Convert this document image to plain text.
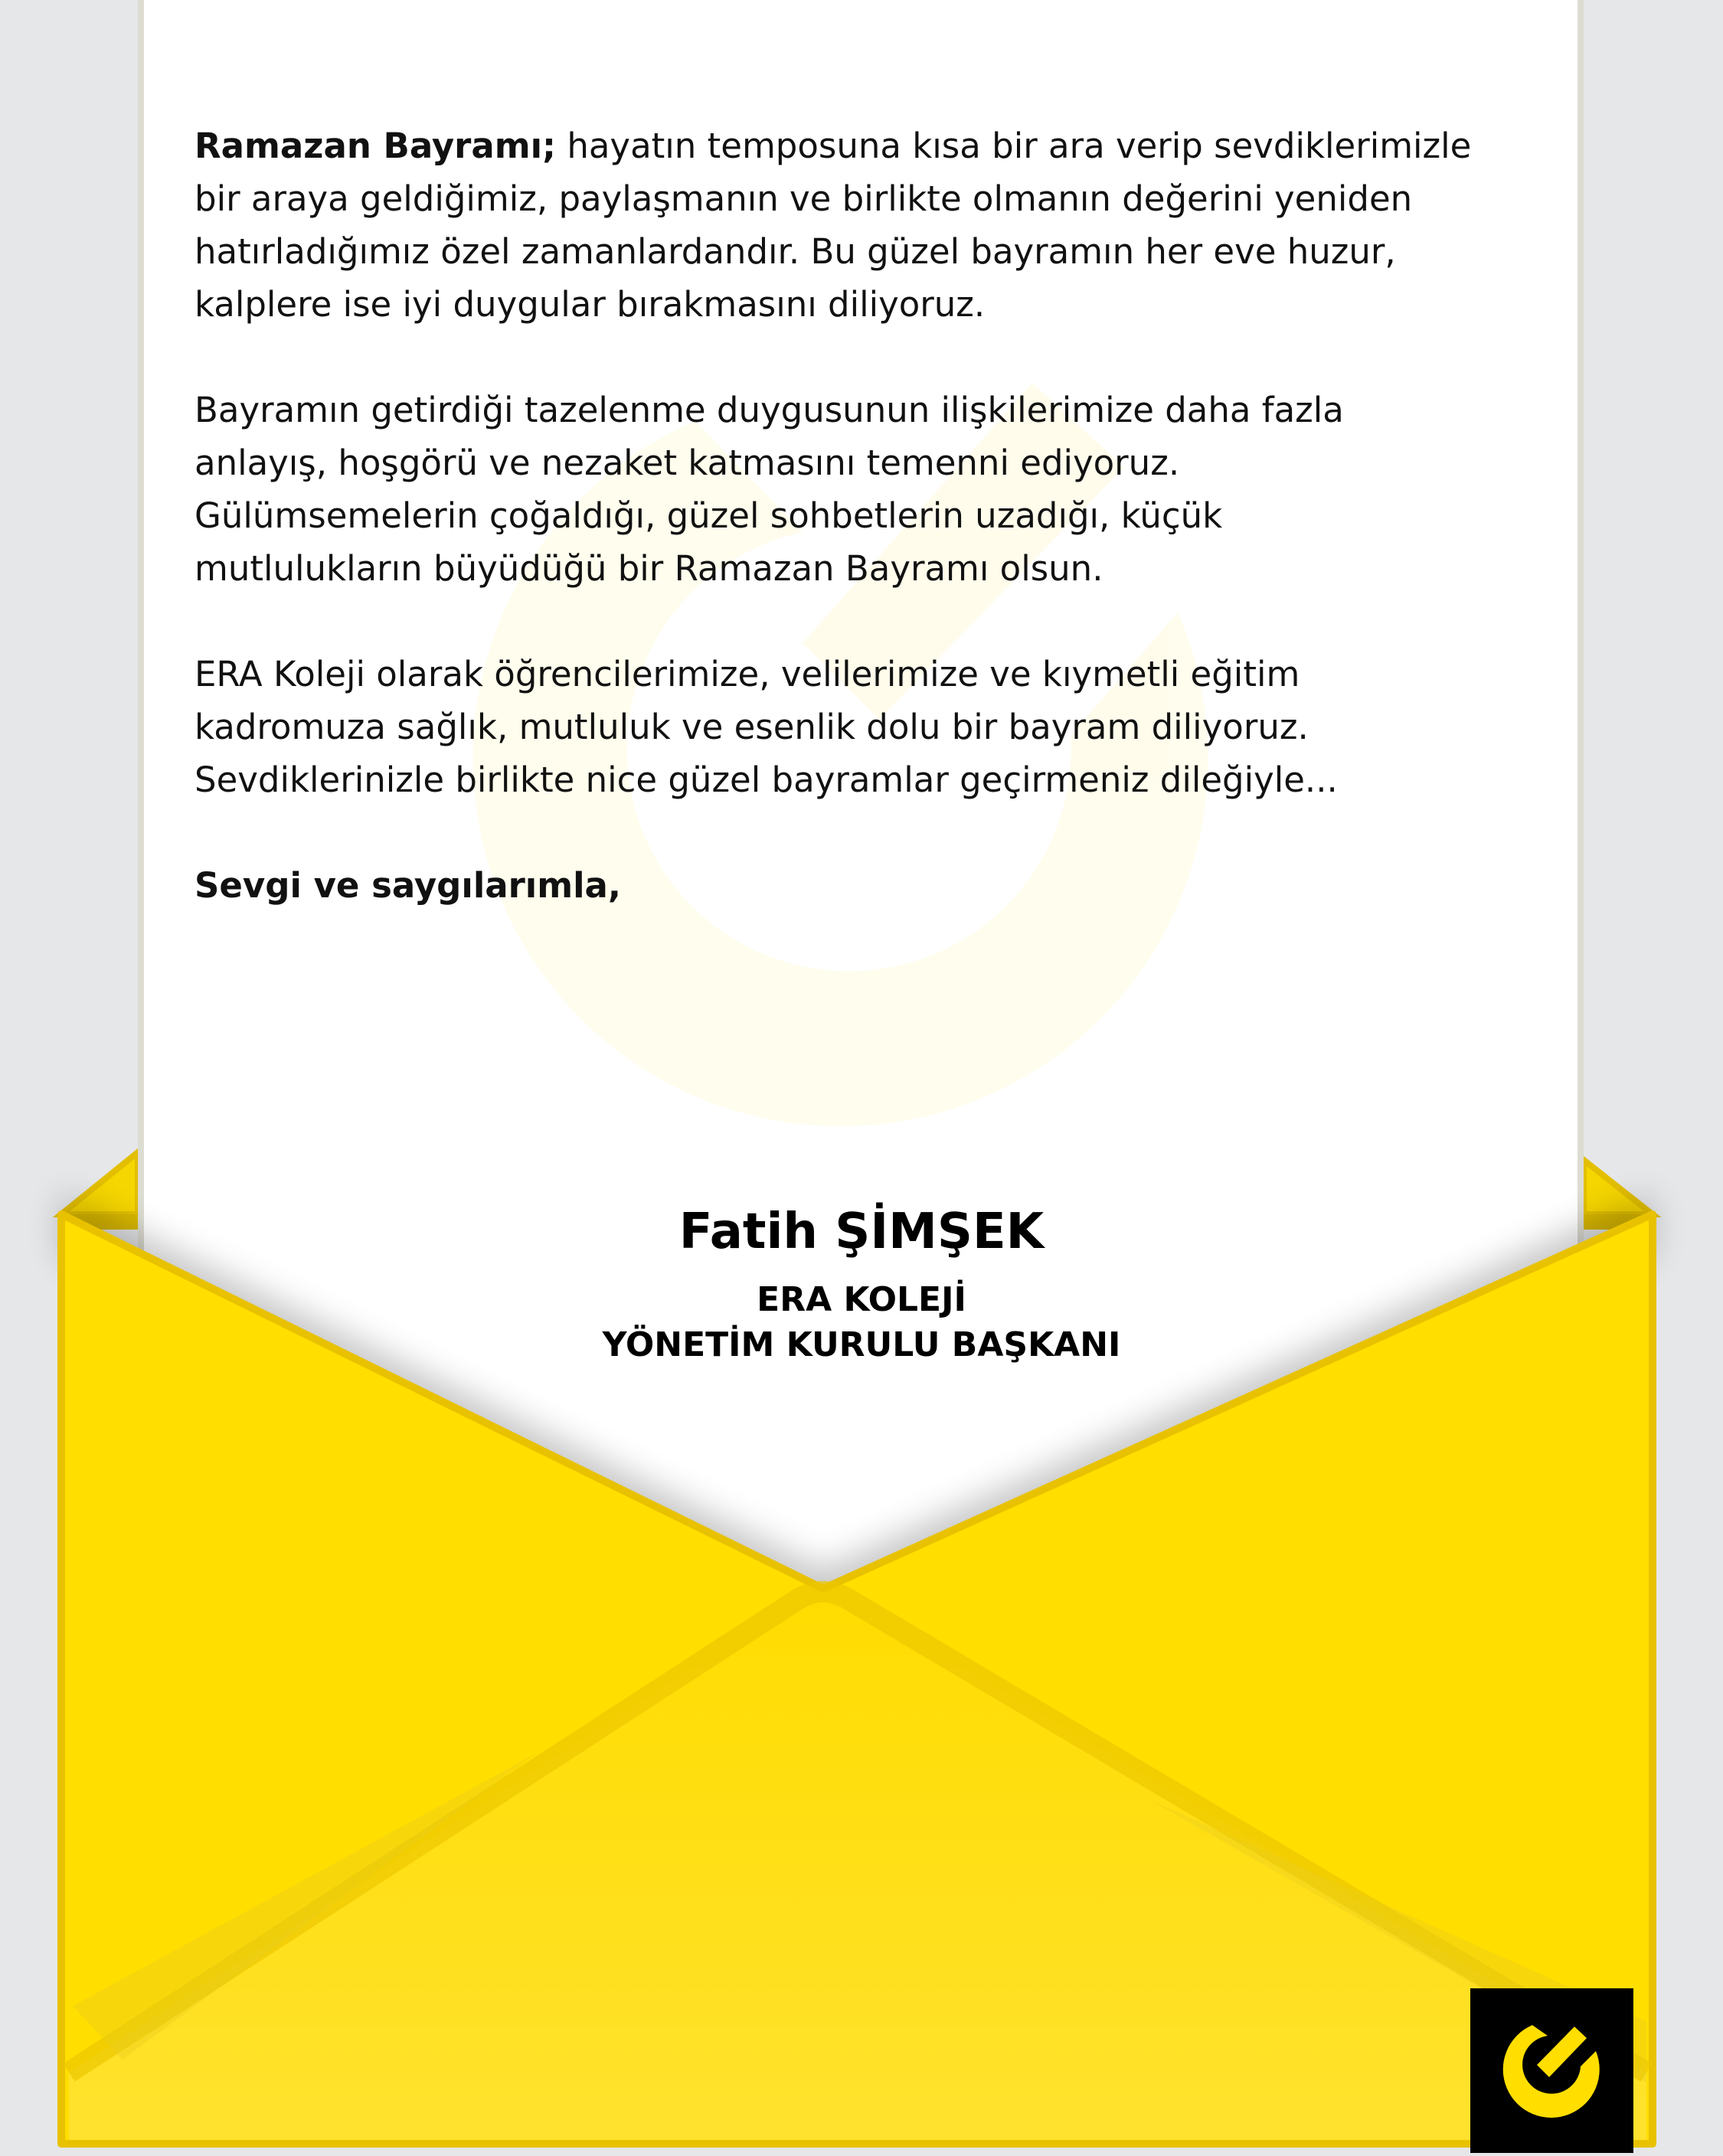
Ramazan Bayramı; hayatın temposuna kısa bir ara verip sevdiklerimizle
bir araya geldiğimiz, paylaşmanın ve birlikte olmanın değerini yeniden
hatırladığımız özel zamanlardandır. Bu güzel bayramın her eve huzur,
kalplere ise iyi duygular bırakmasını diliyoruz.
Bayramın getirdiği tazelenme duygusunun ilişkilerimize daha fazla
anlayış, hoşgörü ve nezaket katmasını temenni ediyoruz.
Gülümsemelerin çoğaldığı, güzel sohbetlerin uzadığı, küçük
mutlulukların büyüdüğü bir Ramazan Bayramı olsun.
ERA Koleji olarak öğrencilerimize, velilerimize ve kıymetli eğitim
kadromuza sağlık, mutluluk ve esenlik dolu bir bayram diliyoruz.
Sevdiklerinizle birlikte nice güzel bayramlar geçirmeniz dileğiyle...
Sevgi ve saygılarımla,
Fatih ŞİMŞEK
ERA KOLEJİ
YÖNETİM KURULU BAŞKANI
